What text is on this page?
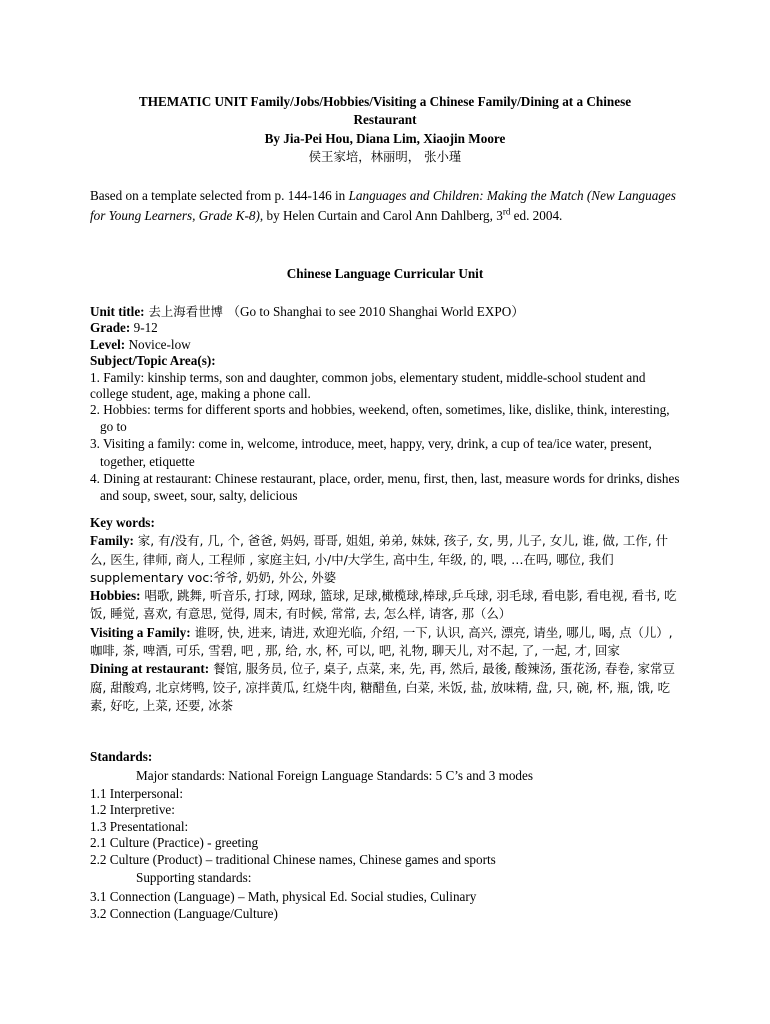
THEMATIC UNIT Family/Jobs/Hobbies/Visiting a Chinese Family/Dining at a Chinese

Restaurant

By Jia-Pei Hou, Diana Lim, Xiaojin Moore

侯王家培，林丽明， 张小瑾

Based on a template selected from p. 144-146 in Languages and Children: Making the Match (New Languages for Young Learners, Grade K-8), by Helen Curtain and Carol Ann Dahlberg, 3rd ed. 2004.
Chinese Language Curricular Unit

Unit title: 去上海看世博 （Go to Shanghai to see 2010 Shanghai World EXPO）

Grade: 9-12

Level: Novice-low

Subject/Topic Area(s):

1. Family: kinship terms, son and daughter, common jobs, elementary student, middle-school student and college student, age, making a phone call.

2. Hobbies: terms for different sports and hobbies, weekend, often, sometimes, like, dislike, think, interesting, go to

3. Visiting a family: come in, welcome, introduce, meet, happy, very, drink, a cup of tea/ice water, present, together, etiquette

4. Dining at restaurant: Chinese restaurant, place, order, menu, first, then, last, measure words for drinks, dishes and soup, sweet, sour, salty, delicious

Key words:

Family: 家, 有/没有, 几, 个, 爸爸, 妈妈, 哥哥, 姐姐, 弟弟, 妹妹, 孩子, 女, 男, 儿子, 女儿, 谁, 做, 工作, 什么, 医生, 律师, 商人, 工程师 , 家庭主妇, 小/中/大学生, 高中生, 年级, 的, 喂, …在吗, 哪位, 我们

supplementary voc:爷爷, 奶奶, 外公, 外婆

Hobbies: 唱歌, 跳舞, 听音乐, 打球, 网球, 篮球, 足球,橄榄球,棒球,乒乓球, 羽毛球, 看电影, 看电视, 看书, 吃饭, 睡觉, 喜欢, 有意思, 觉得, 周末, 有时候, 常常, 去, 怎么样, 请客, 那（么）

Visiting a Family: 谁呀, 快, 进来, 请进, 欢迎光临, 介绍, 一下, 认识, 高兴, 漂亮, 请坐, 哪儿, 喝, 点（儿）, 咖啡, 茶, 啤酒, 可乐, 雪碧, 吧 , 那, 给, 水, 杯, 可以, 吧, 礼物, 聊天儿, 对不起, 了, 一起, 才, 回家

Dining at restaurant: 餐馆, 服务员, 位子, 桌子, 点菜, 来, 先, 再, 然后, 最後, 酸辣汤, 蛋花汤, 春卷, 家常豆腐, 甜酸鸡, 北京烤鸭, 饺子, 凉拌黄瓜, 红烧牛肉, 糖醋鱼, 白菜, 米饭, 盐, 放味精, 盘, 只, 碗, 杯, 瓶, 饿, 吃素, 好吃, 上菜, 还要, 冰茶

Standards:

Major standards: National Foreign Language Standards: 5 C’s and 3 modes

1.1 Interpersonal:

1.2 Interpretive:

1.3 Presentational:

2.1 Culture (Practice) - greeting

2.2 Culture (Product) – traditional Chinese names, Chinese games and sports

Supporting standards:

3.1 Connection (Language) – Math, physical Ed. Social studies, Culinary

3.2 Connection (Language/Culture)
